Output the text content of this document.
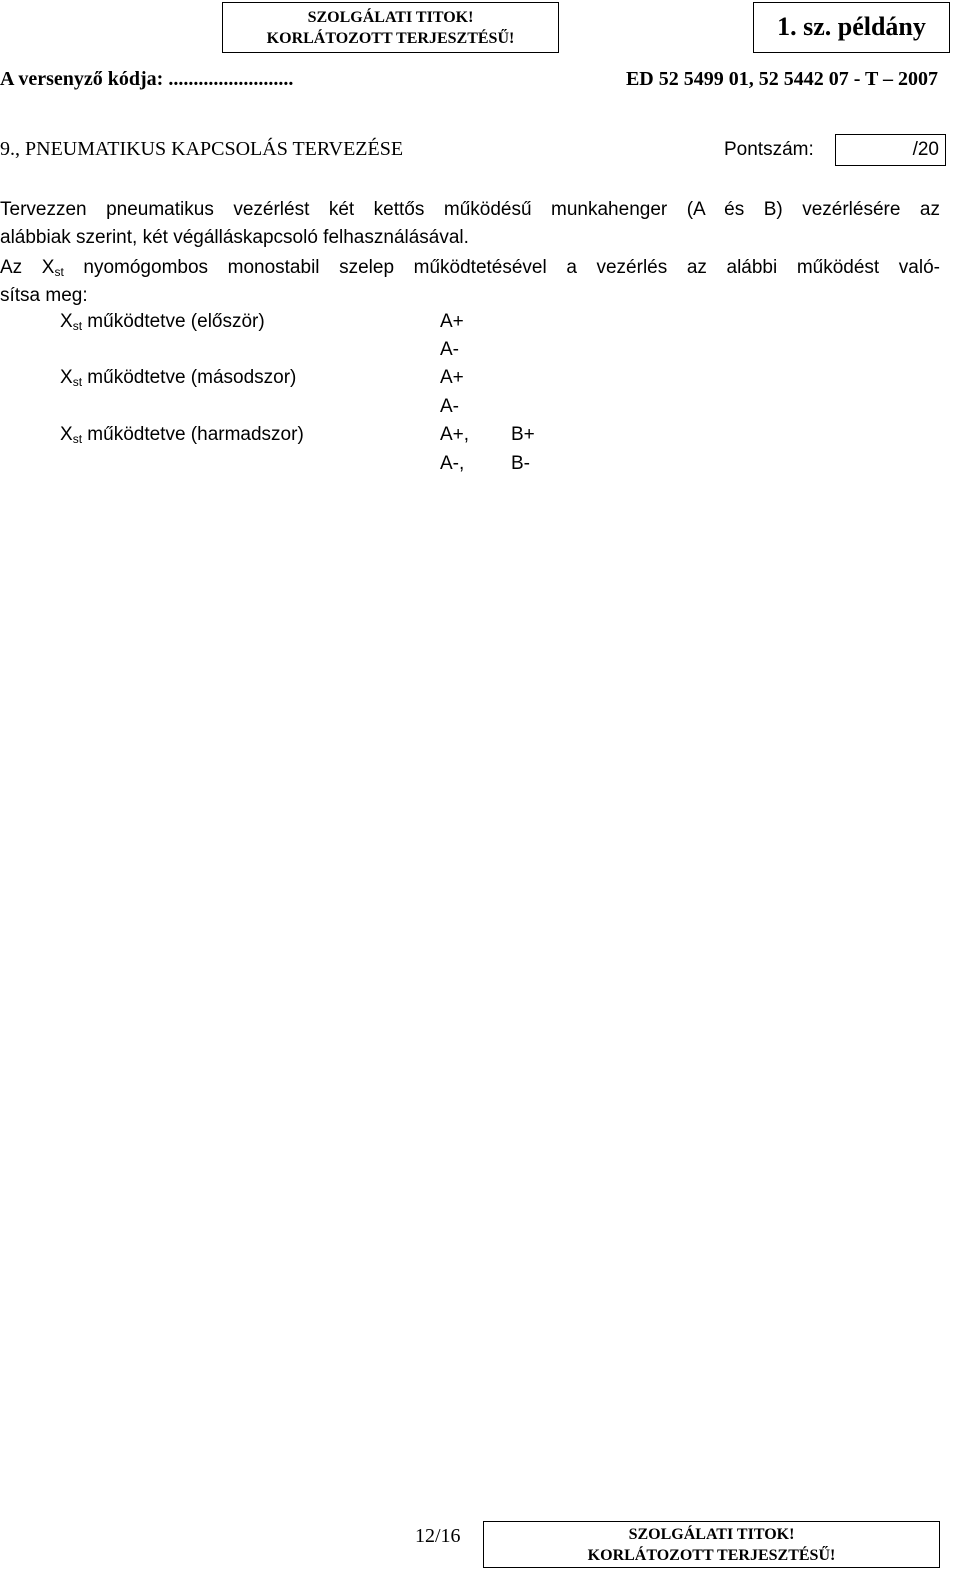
SZOLGÁLATI TITOK!
KORLÁTOZOTT TERJESZTÉSŰ!	1. sz. példány
A versenyző kódja: .........................	ED 52 5499 01, 52 5442 07 - T – 2007
9., PNEUMATIKUS KAPCSOLÁS TERVEZÉSE	Pontszám:	/20
Tervezzen pneumatikus vezérlést két kettős működésű munkahenger (A és B) vezérlésére az
alábbiak szerint, két végálláskapcsoló felhasználásával.
Az $X_{st}$ nyomógombos monostabil szelep működtetésével a vezérlés az alábbi működést való-
sítsa meg:
$X_{st}$ működtetve (először)	A+
A-
$X_{st}$ működtetve (másodszor)	A+
A-
$X_{st}$ működtetve (harmadszor)	A+, B+
A-, B-
12/16	SZOLGÁLATI TITOK!
KORLÁTOZOTT TERJESZTÉSŰ!
